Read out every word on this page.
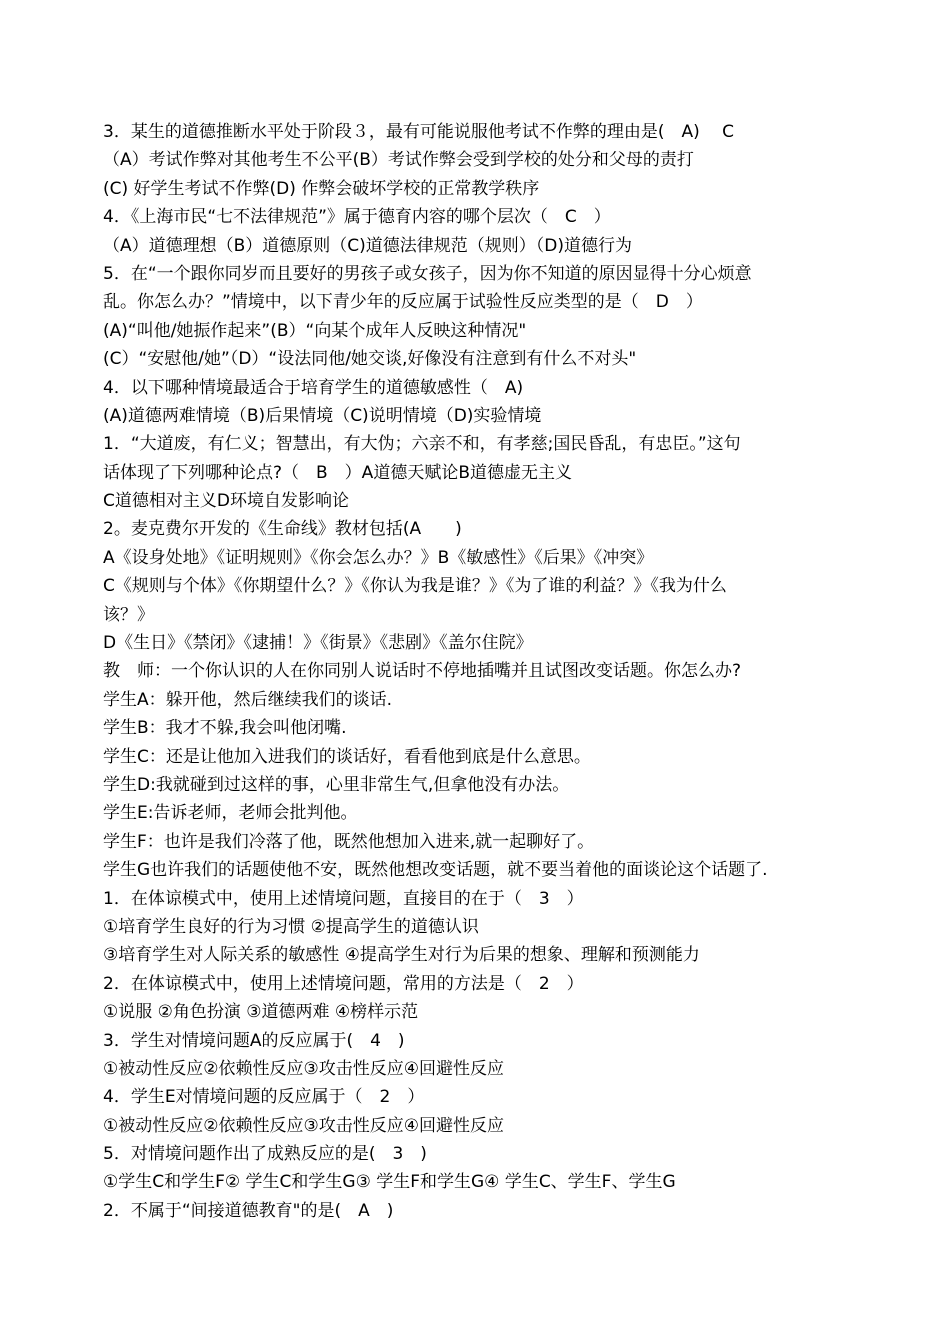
3．某生的道德推断水平处于阶段３，最有可能说服他考试不作弊的理由是(　A)　 C
（A）考试作弊对其他考生不公平(B）考试作弊会受到学校的处分和父母的责打
(C) 好学生考试不作弊(D) 作弊会破坏学校的正常教学秩序
4．《上海市民“七不法律规范”》属于德育内容的哪个层次（　C　）
（A）道德理想（B）道德原则（C)道德法律规范（规则）（D)道德行为
5．在“一个跟你同岁而且要好的男孩子或女孩子，因为你不知道的原因显得十分心烦意
乱。你怎么办？”情境中，以下青少年的反应属于试验性反应类型的是（　D　）
(A)“叫他/她振作起来”(B）“向某个成年人反映这种情况"
(C）“安慰他/她”（D）“设法同他/她交谈,好像没有注意到有什么不对头"
4．以下哪种情境最适合于培育学生的道德敏感性（　A)
(A)道德两难情境（B)后果情境（C)说明情境（D)实验情境
1．“大道废，有仁义；智慧出，有大伪；六亲不和，有孝慈;国民昏乱，有忠臣。”这句
话体现了下列哪种论点?（　B　）A道德天赋论B道德虚无主义
C道德相对主义D环境自发影响论
2。麦克费尔开发的《生命线》教材包括(A　　)
A《设身处地》《证明规则》《你会怎么办？》B《敏感性》《后果》《冲突》
C《规则与个体》《你期望什么？》《你认为我是谁？》《为了谁的利益？》《我为什么
该？》
D《生日》《禁闭》《逮捕！》《街景》《悲剧》《盖尔住院》
教　师：一个你认识的人在你同别人说话时不停地插嘴并且试图改变话题。你怎么办?
学生A：躲开他，然后继续我们的谈话.
学生B：我才不躲,我会叫他闭嘴.
学生C：还是让他加入进我们的谈话好，看看他到底是什么意思。
学生D:我就碰到过这样的事，心里非常生气,但拿他没有办法。
学生E:告诉老师，老师会批判他。
学生F：也许是我们冷落了他，既然他想加入进来,就一起聊好了。
学生G也许我们的话题使他不安，既然他想改变话题，就不要当着他的面谈论这个话题了.
1．在体谅模式中，使用上述情境问题，直接目的在于（　3　）
①培育学生良好的行为习惯 ②提高学生的道德认识
③培育学生对人际关系的敏感性 ④提高学生对行为后果的想象、理解和预测能力
2．在体谅模式中，使用上述情境问题，常用的方法是（　2　）
①说服 ②角色扮演 ③道德两难 ④榜样示范
3．学生对情境问题A的反应属于(　4　)
①被动性反应②依赖性反应③攻击性反应④回避性反应
4．学生E对情境问题的反应属于（　2　）
①被动性反应②依赖性反应③攻击性反应④回避性反应
5．对情境问题作出了成熟反应的是(　3　)
①学生C和学生F② 学生C和学生G③ 学生F和学生G④ 学生C、学生F、学生G
2．不属于“间接道德教育"的是(　A　)
